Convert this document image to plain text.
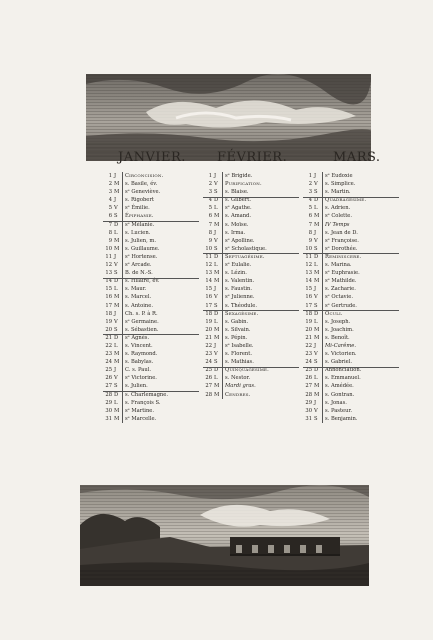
JANVIER. FÉVRIER.	MARS.
1 J	Circoncision.
2 M s. Basile, év.
3 M sᵉ Geneviève.
4 J	s. Rigobert
5 V	sᵉ Émilie.
6 S	Épiphanie.
7 D	sᵉ Mélanie.
8 L	s. Lucien.
9 M s. Julien, m.
10 M s. Guillaume.
11 J	sᵉ Hortense.
12 V	sᵉ Arcade.
13 S	B. de N.-S.
14 D	s. Hilaire, év.
15 L	s. Maur.
16 M s. Marcel.
17 M s. Antoine.
18 J	Ch. s. P. à R.
19 V	sᵉ Germaine.
20 S	s. Sébastien.
21 D	sᵉ Agnès.
22 L	s. Vincent.
23 M s. Raymond.
24 M s. Babylas.
25 J	C. s. Paul.
26 V	sᵉ Victorine.
27 S	s. Julien.
28 D	s. Charlemagne.
29 L	s. François S.
30 M sᵉ Martine.
31 M sᵉ Marcelle.
1 J	sᵉ Brigide.
2 V	Purification.
3 S	s. Blaise.
4 D	s. Gilbert.
5 L	sᵉ Agathe.
6 M s. Amand.
7 M s. Moïse.
8 J	s. Irma.
9 V	sᵉ Apolline.
10 S	sᵉ Scholastique.
11 D	Septuagésime.
12 L	sᵉ Eulalie.
13 M s. Lézin.
14 M s. Valentin.
15 J	s. Faustin.
16 V	sᵉ Julienne.
17 S	s. Théodule.
18 D	Sexagésime.
19 L	s. Gabin.
20 M s. Silvain.
21 M s. Pépin.
22 J	sᵉ Isabelle.
23 V	s. Florent.
24 S	s. Mathias.
25 D	Quinquagésime.
26 L	s. Nestor.
27 M Mardi gras.
28 M Cendres.
1 J	sᵉ Eudoxie
2 V	s. Simplice.
3 S	s. Martin.
4 D	Quadragésime.
5 L	s. Adrien.
6 M sᵉ Colette.
7 M IV Temps
8 J	s. Jean de D.
9 V	sᵉ Françoise.
10 S	sᵉ Dorothée.
11 D	Reminiscere.
12 L	s. Marina.
13 M sᵉ Euphrasie.
14 M sᵉ Mathilde.
15 J	s. Zacharie.
16 V	sᵉ Octavie.
17 S	sᵉ Gertrude.
18 D	Oculi.
19 L	s. Joseph.
20 M s. Joachim.
21 M s. Benoît.
22 J	Mi-Carême.
23 V	s. Victorien.
24 S	s. Gabriel.
25 D	Annonciation.
26 L	s. Emmanuel.
27 M s. Amédée.
28 M s. Gontran.
29 J	s. Jonas.
30 V	s. Pasteur.
31 S	s. Benjamin.
